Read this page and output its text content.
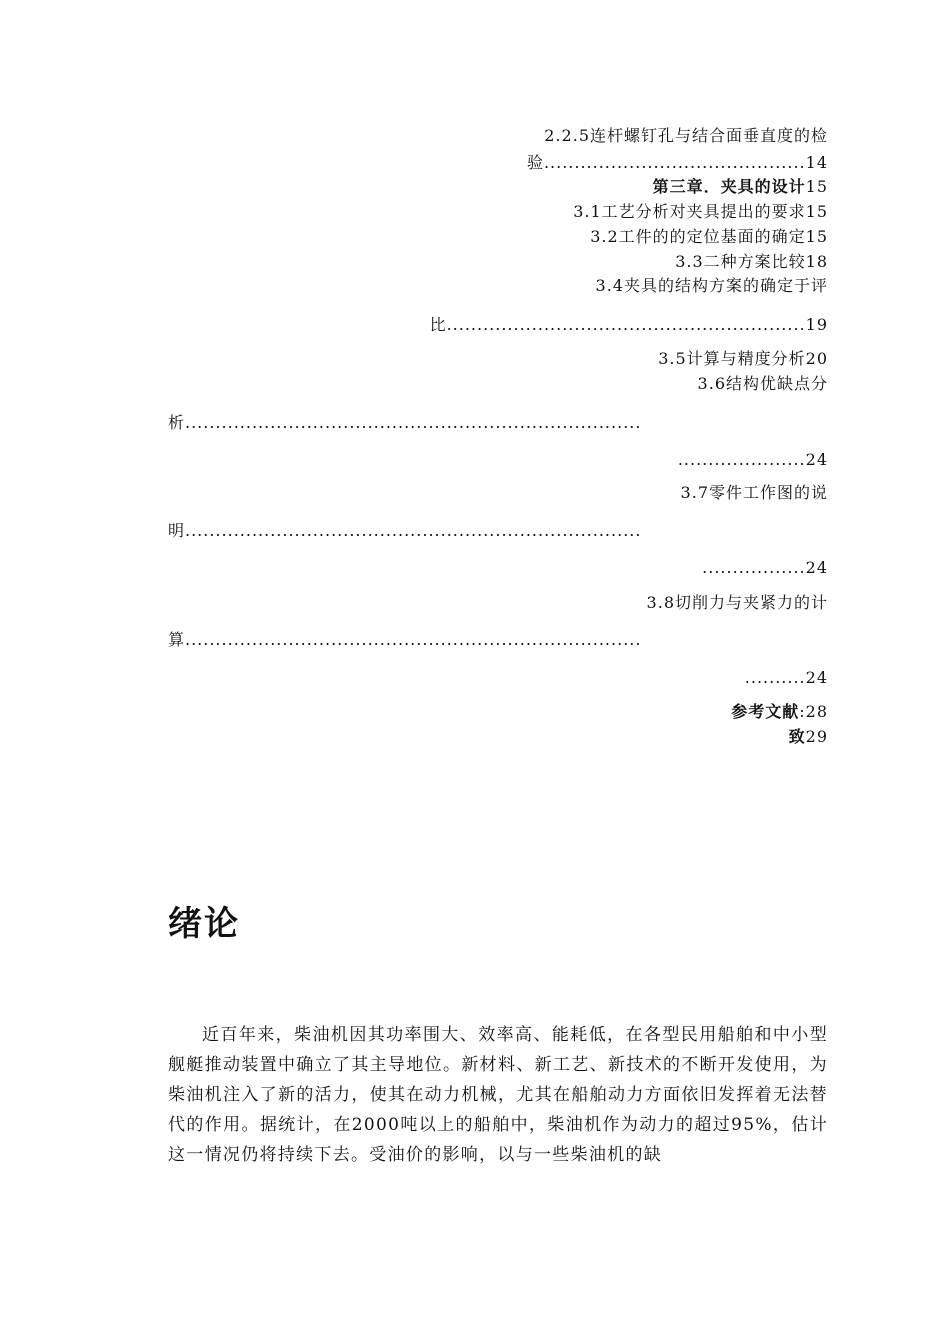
2.2.5连杆螺钉孔与结合面垂直度的检
验...........................................14
第三章．夹具的设计15
3.1工艺分析对夹具提出的要求15
3.2工件的的定位基面的确定15
3.3二种方案比较18
3.4夹具的结构方案的确定于评
比...........................................................19
3.5计算与精度分析20
3.6结构优缺点分
析...........................................................................
.....................24
3.7零件工作图的说
明...........................................................................
.................24
3.8切削力与夹紧力的计
算...........................................................................
..........24
参考文献:28
致29
绪论

近百年来，柴油机因其功率围大、效率高、能耗低，在各型民用船舶和中小型舰艇推动装置中确立了其主导地位。新材料、新工艺、新技术的不断开发使用，为柴油机注入了新的活力，使其在动力机械，尤其在船舶动力方面依旧发挥着无法替代的作用。据统计，在2000吨以上的船舶中，柴油机作为动力的超过95%，估计这一情况仍将持续下去。受油价的影响，以与一些柴油机的缺
